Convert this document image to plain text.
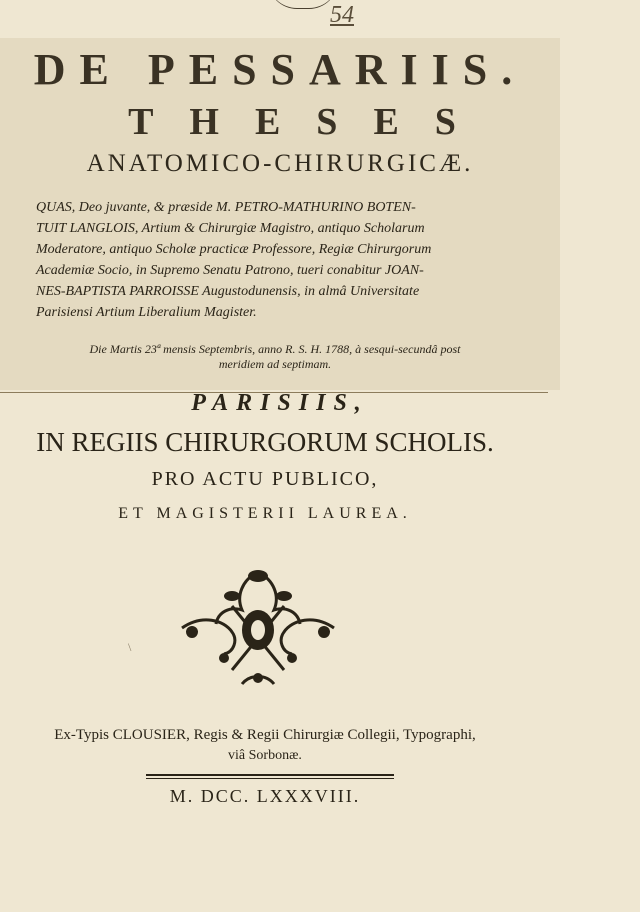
54
DE PESSARIIS.
THESES
ANATOMICO-CHIRURGICÆ.

QUAS, Deo juvante, & præside M. PETRO-MATHURINO BOTEN-

TUIT LANGLOIS, Artium & Chirurgiæ Magistro, antiquo Scholarum

Moderatore, antiquo Scholæ practicæ Professore, Regiæ Chirurgorum

Academiæ Socio, in Supremo Senatu Patrono, tueri conabitur JOAN-

NES-BAPTISTA PARROISSE Augustodunensis, in almâ Universitate

Parisiensi Artium Liberalium Magister.

Die Martis 23ª mensis Septembris, anno R. S. H. 1788, à sesqui-secundâ post
meridiem ad septimam.
PARISIIS,
IN REGIIS CHIRURGORUM SCHOLIS.
PRO ACTU PUBLICO,
ET MAGISTERII LAUREA.
\
Ex-Typis CLOUSIER, Regis & Regii Chirurgiæ Collegii, Typographi,
viâ Sorbonæ.
M. DCC. LXXXVIII.
